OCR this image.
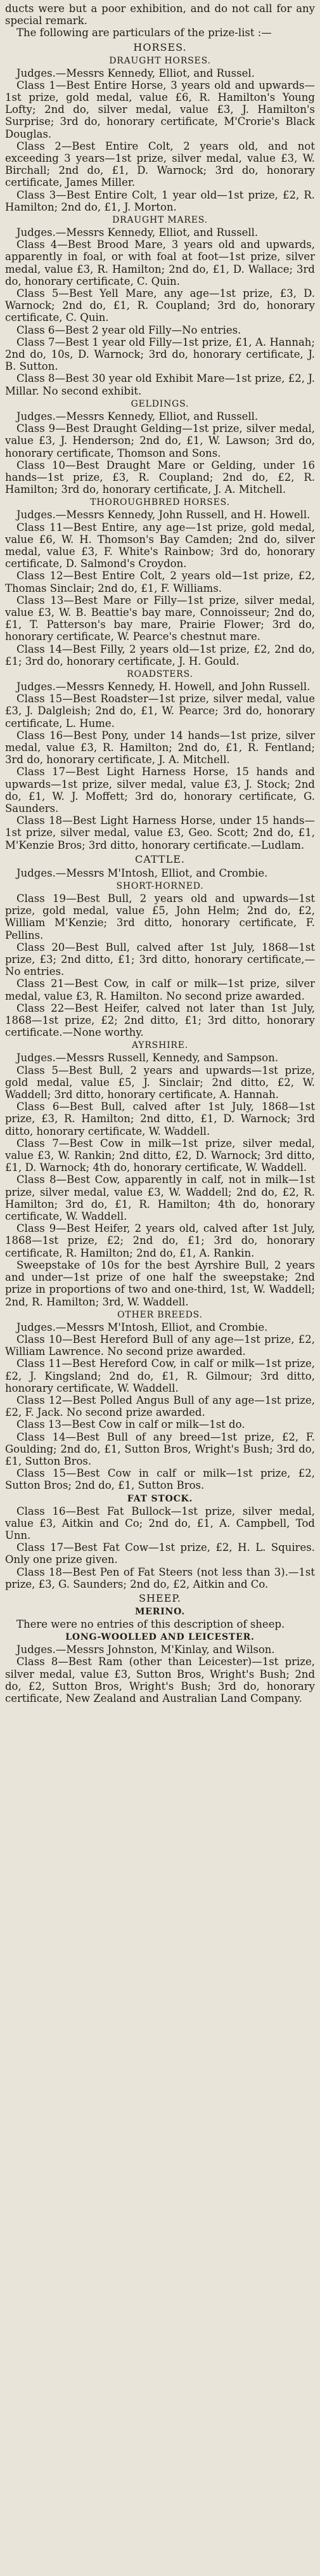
ducts were but a poor exhibition, and do not call for any special remark.

The following are particulars of the prize-list :—

HORSES.
DRAUGHT HORSES.

Judges.—Messrs Kennedy, Elliot, and Russel.

Class 1—Best Entire Horse, 3 years old and upwards—1st prize, gold medal, value £6, R. Hamilton's Young Lofty; 2nd do, silver medal, value £3, J. Hamilton's Surprise; 3rd do, honorary certificate, M'Crorie's Black Douglas.

Class 2—Best Entire Colt, 2 years old, and not exceeding 3 years—1st prize, silver medal, value £3, W. Birchall; 2nd do, £1, D. Warnock; 3rd do, honorary certificate, James Miller.

Class 3—Best Entire Colt, 1 year old—1st prize, £2, R. Hamilton; 2nd do, £1, J. Morton.

DRAUGHT MARES.

Judges.—Messrs Kennedy, Elliot, and Russell.

Class 4—Best Brood Mare, 3 years old and upwards, apparently in foal, or with foal at foot—1st prize, silver medal, value £3, R. Hamilton; 2nd do, £1, D. Wallace; 3rd do, honorary certificate, C. Quin.

Class 5—Best Yell Mare, any age—1st prize, £3, D. Warnock; 2nd do, £1, R. Coupland; 3rd do, honorary certificate, C. Quin.

Class 6—Best 2 year old Filly—No entries.

Class 7—Best 1 year old Filly—1st prize, £1, A. Hannah; 2nd do, 10s, D. Warnock; 3rd do, honorary certificate, J. B. Sutton.

Class 8—Best 30 year old Exhibit Mare—1st prize, £2, J. Millar. No second exhibit.

GELDINGS.

Judges.—Messrs Kennedy, Elliot, and Russell.

Class 9—Best Draught Gelding—1st prize, silver medal, value £3, J. Henderson; 2nd do, £1, W. Lawson; 3rd do, honorary certificate, Thomson and Sons.

Class 10—Best Draught Mare or Gelding, under 16 hands—1st prize, £3, R. Coupland; 2nd do, £2, R. Hamilton; 3rd do, honorary certificate, J. A. Mitchell.

THOROUGHBRED HORSES.

Judges.—Messrs Kennedy, John Russell, and H. Howell.

Class 11—Best Entire, any age—1st prize, gold medal, value £6, W. H. Thomson's Bay Camden; 2nd do, silver medal, value £3, F. White's Rainbow; 3rd do, honorary certificate, D. Salmond's Croydon.

Class 12—Best Entire Colt, 2 years old—1st prize, £2, Thomas Sinclair; 2nd do, £1, F. Williams.

Class 13—Best Mare or Filly—1st prize, silver medal, value £3, W. B. Beattie's bay mare, Connoisseur; 2nd do, £1, T. Patterson's bay mare, Prairie Flower; 3rd do, honorary certificate, W. Pearce's chestnut mare.

Class 14—Best Filly, 2 years old—1st prize, £2, 2nd do, £1; 3rd do, honorary certificate, J. H. Gould.

ROADSTERS.

Judges.—Messrs Kennedy, H. Howell, and John Russell.

Class 15—Best Roadster—1st prize, silver medal, value £3, J. Dalgleish; 2nd do, £1, W. Pearce; 3rd do, honorary certificate, L. Hume.

Class 16—Best Pony, under 14 hands—1st prize, silver medal, value £3, R. Hamilton; 2nd do, £1, R. Fentland; 3rd do, honorary certificate, J. A. Mitchell.

Class 17—Best Light Harness Horse, 15 hands and upwards—1st prize, silver medal, value £3, J. Stock; 2nd do, £1, W. J. Moffett; 3rd do, honorary certificate, G. Saunders.

Class 18—Best Light Harness Horse, under 15 hands—1st prize, silver medal, value £3, Geo. Scott; 2nd do, £1, M'Kenzie Bros; 3rd ditto, honorary certificate.—Ludlam.

CATTLE.

Judges.—Messrs M'Intosh, Elliot, and Crombie.

SHORT-HORNED.

Class 19—Best Bull, 2 years old and upwards—1st prize, gold medal, value £5, John Helm; 2nd do, £2, William M'Kenzie; 3rd ditto, honorary certificate, F. Pellins.

Class 20—Best Bull, calved after 1st July, 1868—1st prize, £3; 2nd ditto, £1; 3rd ditto, honorary certificate,—No entries.

Class 21—Best Cow, in calf or milk—1st prize, silver medal, value £3, R. Hamilton. No second prize awarded.

Class 22—Best Heifer, calved not later than 1st July, 1868—1st prize, £2; 2nd ditto, £1; 3rd ditto, honorary certificate.—None worthy.

AYRSHIRE.

Judges.—Messrs Russell, Kennedy, and Sampson.

Class 5—Best Bull, 2 years and upwards—1st prize, gold medal, value £5, J. Sinclair; 2nd ditto, £2, W. Waddell; 3rd ditto, honorary certificate, A. Hannah.

Class 6—Best Bull, calved after 1st July, 1868—1st prize, £3, R. Hamilton; 2nd ditto, £1, D. Warnock; 3rd ditto, honorary certificate, W. Waddell.

Class 7—Best Cow in milk—1st prize, silver medal, value £3, W. Rankin; 2nd ditto, £2, D. Warnock; 3rd ditto, £1, D. Warnock; 4th do, honorary certificate, W. Waddell.

Class 8—Best Cow, apparently in calf, not in milk—1st prize, silver medal, value £3, W. Waddell; 2nd do, £2, R. Hamilton; 3rd do, £1, R. Hamilton; 4th do, honorary certificate, W. Waddell.

Class 9—Best Heifer, 2 years old, calved after 1st July, 1868—1st prize, £2; 2nd do, £1; 3rd do, honorary certificate, R. Hamilton; 2nd do, £1, A. Rankin.

Sweepstake of 10s for the best Ayrshire Bull, 2 years and under—1st prize of one half the sweepstake; 2nd prize in proportions of two and one-third, 1st, W. Waddell; 2nd, R. Hamilton; 3rd, W. Waddell.

OTHER BREEDS.

Judges.—Messrs M'Intosh, Elliot, and Crombie.

Class 10—Best Hereford Bull of any age—1st prize, £2, William Lawrence. No second prize awarded.

Class 11—Best Hereford Cow, in calf or milk—1st prize, £2, J. Kingsland; 2nd do, £1, R. Gilmour; 3rd ditto, honorary certificate, W. Waddell.

Class 12—Best Polled Angus Bull of any age—1st prize, £2, F. Jack. No second prize awarded.

Class 13—Best Cow in calf or milk—1st do.

Class 14—Best Bull of any breed—1st prize, £2, F. Goulding; 2nd do, £1, Sutton Bros, Wright's Bush; 3rd do, £1, Sutton Bros.

Class 15—Best Cow in calf or milk—1st prize, £2, Sutton Bros; 2nd do, £1, Sutton Bros.

FAT STOCK.

Class 16—Best Fat Bullock—1st prize, silver medal, value £3, Aitkin and Co; 2nd do, £1, A. Campbell, Tod Unn.

Class 17—Best Fat Cow—1st prize, £2, H. L. Squires. Only one prize given.

Class 18—Best Pen of Fat Steers (not less than 3).—1st prize, £3, G. Saunders; 2nd do, £2, Aitkin and Co.

SHEEP.
MERINO.

There were no entries of this description of sheep.

LONG-WOOLLED AND LEICESTER.

Judges.—Messrs Johnston, M'Kinlay, and Wilson.

Class 8—Best Ram (other than Leicester)—1st prize, silver medal, value £3, Sutton Bros, Wright's Bush; 2nd do, £2, Sutton Bros, Wright's Bush; 3rd do, honorary certificate, New Zealand and Australian Land Company.
